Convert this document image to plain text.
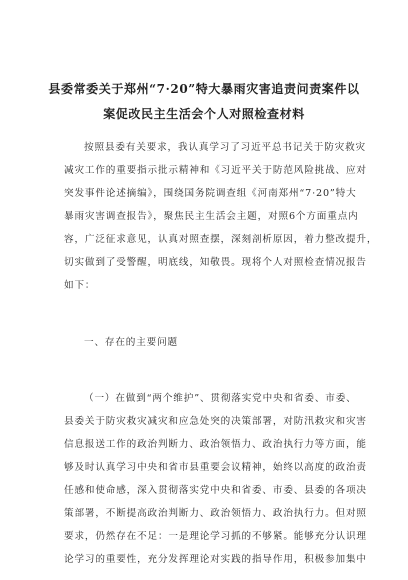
县委常委关于郑州“7·20”特大暴雨灾害追责问责案件以
案促改民主生活会个人对照检查材料
按照县委有关要求，我认真学习了习近平总书记关于防灾救灾
减灾工作的重要指示批示精神和《习近平关于防范风险挑战、应对
突发事件论述摘编》，围绕国务院调查组《河南郑州“7·20”特大
暴雨灾害调查报告》，聚焦民主生活会主题，对照6个方面重点内
容，广泛征求意见，认真对照查摆，深刻剖析原因，着力整改提升，
切实做到了受警醒，明底线，知敬畏。现将个人对照检查情况报告
如下：
一、存在的主要问题
（一）在做到“两个维护”、贯彻落实党中央和省委、市委、
县委关于防灾救灾减灾和应急处突的决策部署，对防汛救灾和灾害
信息报送工作的政治判断力、政治领悟力、政治执行力等方面，能
够及时认真学习中央和省市县重要会议精神，始终以高度的政治责
任感和使命感，深入贯彻落实党中央和省委、市委、县委的各项决
策部署，不断提高政治判断力、政治领悟力、政治执行力。但对照
要求，仍然存在不足：一是理论学习抓的不够紧。能够充分认识理
论学习的重要性，充分发挥理论对实践的指导作用，积极参加集中
